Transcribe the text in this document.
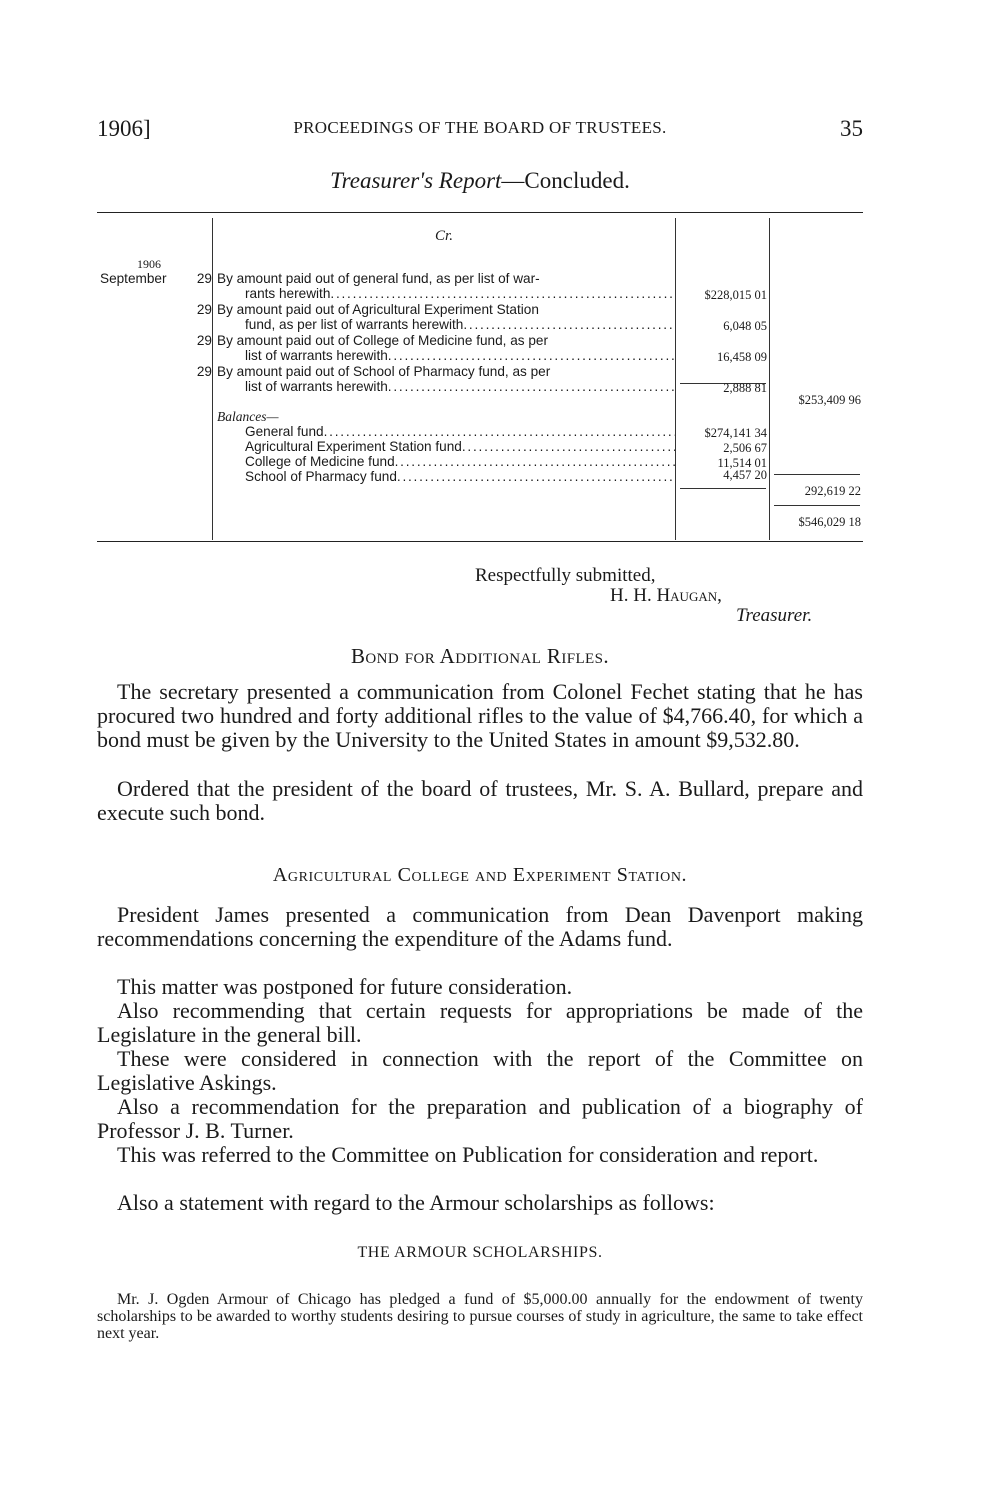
1906]	PROCEEDINGS OF THE BOARD OF TRUSTEES.	35
Treasurer's Report—Concluded.
Cr.
1906
September 29 By amount paid out of general fund, as per list of war-
rants herewith . . .	$228,015 01
29 By amount paid out of Agricultural Experiment Station
fund, as per list of warrants herewith . . .	6,048 05
29 By amount paid out of College of Medicine fund, as per
list of warrants herewith . . .	16,458 09
29 By amount paid out of School of Pharmacy fund, as per
list of warrants herewith . . .	2,888 81
$253,409 96
Balances—
General fund . . .	$274,141 34
Agricultural Experiment Station fund . . .	2,506 67
College of Medicine fund . . .	11,514 01
School of Pharmacy fund . . .	4,457 20
292,619 22
$546,029 18
Respectfully submitted,
H. H. Haugan,
Treasurer.
Bond for Additional Rifles.
The secretary presented a communication from Colonel Fechet stating that he has procured two hundred and forty additional rifles to the value of $4,766.40, for which a bond must be given by the University to the United States in amount $9,532.80.
Ordered that the president of the board of trustees, Mr. S. A. Bullard, prepare and execute such bond.
Agricultural College and Experiment Station.
President James presented a communication from Dean Davenport making recommendations concerning the expenditure of the Adams fund.
This matter was postponed for future consideration.
Also recommending that certain requests for appropriations be made of the Legislature in the general bill.
These were considered in connection with the report of the Committee on Legislative Askings.
Also a recommendation for the preparation and publication of a biography of Professor J. B. Turner.
This was referred to the Committee on Publication for consideration and report.
Also a statement with regard to the Armour scholarships as follows:
THE ARMOUR SCHOLARSHIPS.
Mr. J. Ogden Armour of Chicago has pledged a fund of $5,000.00 annually for the endowment of twenty scholarships to be awarded to worthy students desiring to pursue courses of study in agriculture, the same to take effect next year.
